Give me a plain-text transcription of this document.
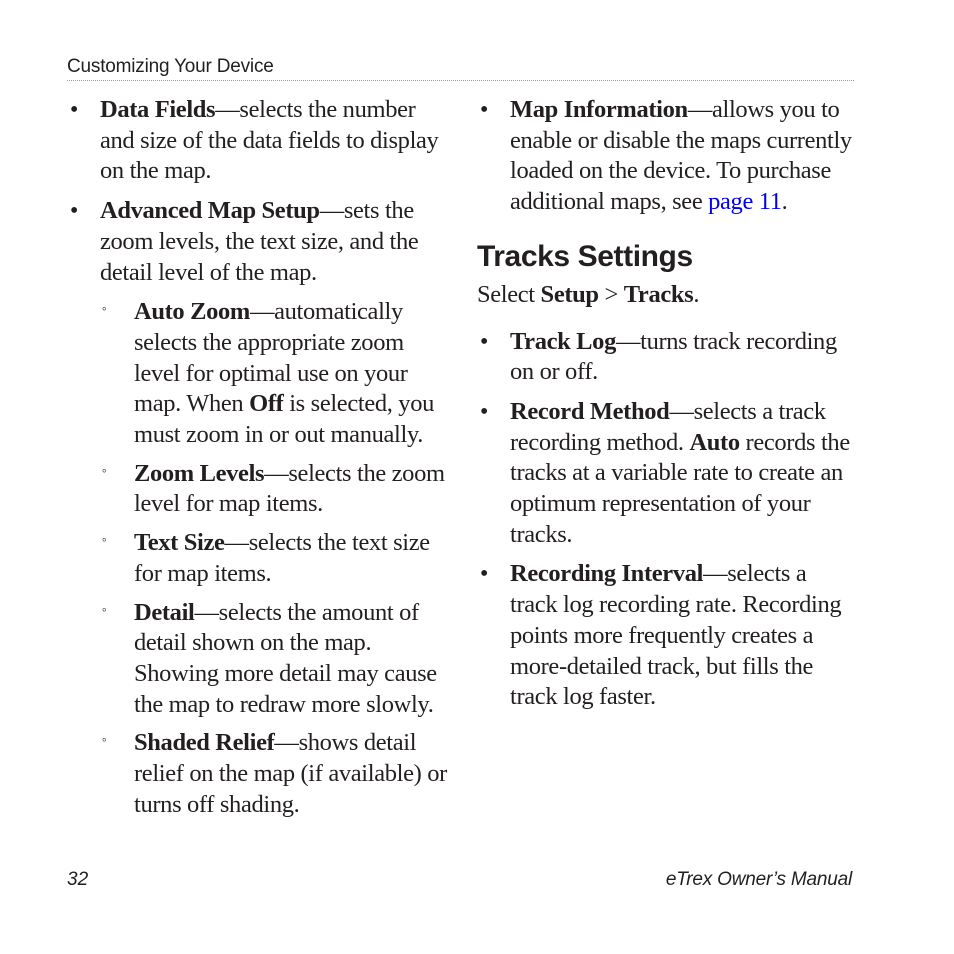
Customizing Your Device
• Data Fields—selects the number and size of the data fields to display on the map.
• Advanced Map Setup—sets the zoom levels, the text size, and the detail level of the map.
◦ Auto Zoom—automatically selects the appropriate zoom level for optimal use on your map. When Off is selected, you must zoom in or out manually.
◦ Zoom Levels—selects the zoom level for map items.
◦ Text Size—selects the text size for map items.
◦ Detail—selects the amount of detail shown on the map. Showing more detail may cause the map to redraw more slowly.
◦ Shaded Relief—shows detail relief on the map (if available) or turns off shading.
• Map Information—allows you to enable or disable the maps currently loaded on the device. To purchase additional maps, see page 11.
Tracks Settings
Select Setup > Tracks.
• Track Log—turns track recording on or off.
• Record Method—selects a track recording method. Auto records the tracks at a variable rate to create an optimum representation of your tracks.
• Recording Interval—selects a track log recording rate. Recording points more frequently creates a more-detailed track, but fills the track log faster.
32	eTrex Owner’s Manual
